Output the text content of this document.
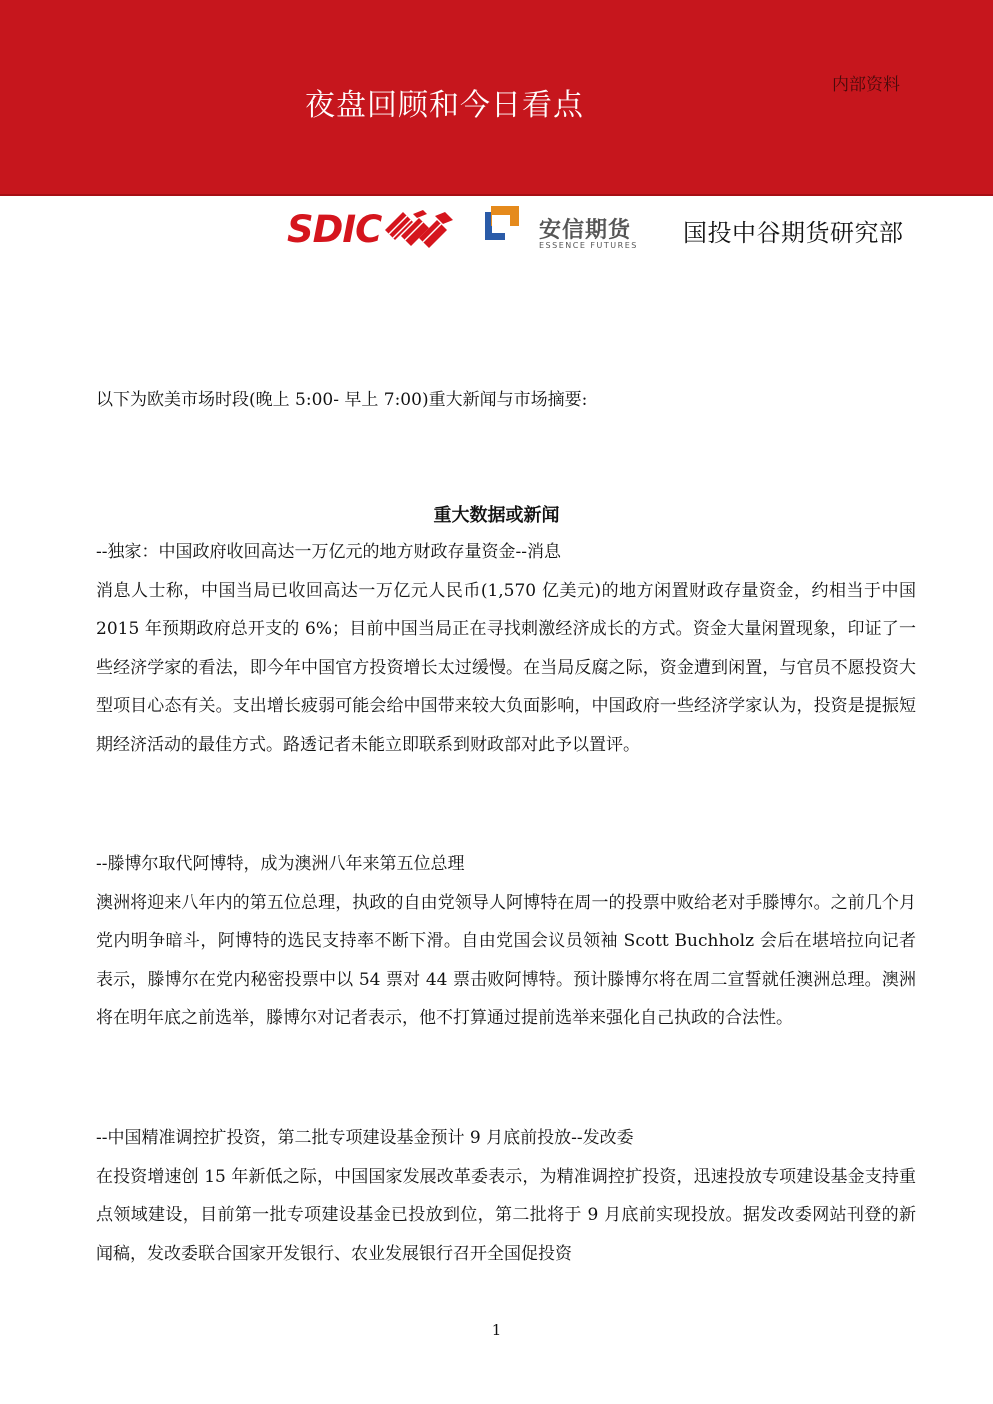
夜盘回顾和今日看点
内部资料
SDIC	安信期货
ESSENCE FUTURES 国投中谷期货研究部
以下为欧美市场时段(晚上 5:00- 早上 7:00)重大新闻与市场摘要:
重大数据或新闻

--独家：中国政府收回高达一万亿元的地方财政存量资金--消息

消息人士称，中国当局已收回高达一万亿元人民币(1,570 亿美元)的地方闲置财政存量资金，约相当于中国 2015 年预期政府总开支的 6%；目前中国当局正在寻找刺激经济成长的方式。资金大量闲置现象，印证了一些经济学家的看法，即今年中国官方投资增长太过缓慢。在当局反腐之际，资金遭到闲置，与官员不愿投资大型项目心态有关。支出增长疲弱可能会给中国带来较大负面影响，中国政府一些经济学家认为，投资是提振短期经济活动的最佳方式。路透记者未能立即联系到财政部对此予以置评。

--滕博尔取代阿博特，成为澳洲八年来第五位总理

澳洲将迎来八年内的第五位总理，执政的自由党领导人阿博特在周一的投票中败给老对手滕博尔。之前几个月党内明争暗斗，阿博特的选民支持率不断下滑。自由党国会议员领袖 Scott Buchholz 会后在堪培拉向记者表示，滕博尔在党内秘密投票中以 54 票对 44 票击败阿博特。预计滕博尔将在周二宣誓就任澳洲总理。澳洲将在明年底之前选举，滕博尔对记者表示，他不打算通过提前选举来强化自己执政的合法性。

--中国精准调控扩投资，第二批专项建设基金预计 9 月底前投放--发改委

在投资增速创 15 年新低之际，中国国家发展改革委表示，为精准调控扩投资，迅速投放专项建设基金支持重点领域建设，目前第一批专项建设基金已投放到位，第二批将于 9 月底前实现投放。据发改委网站刊登的新闻稿，发改委联合国家开发银行、农业发展银行召开全国促投资

1
